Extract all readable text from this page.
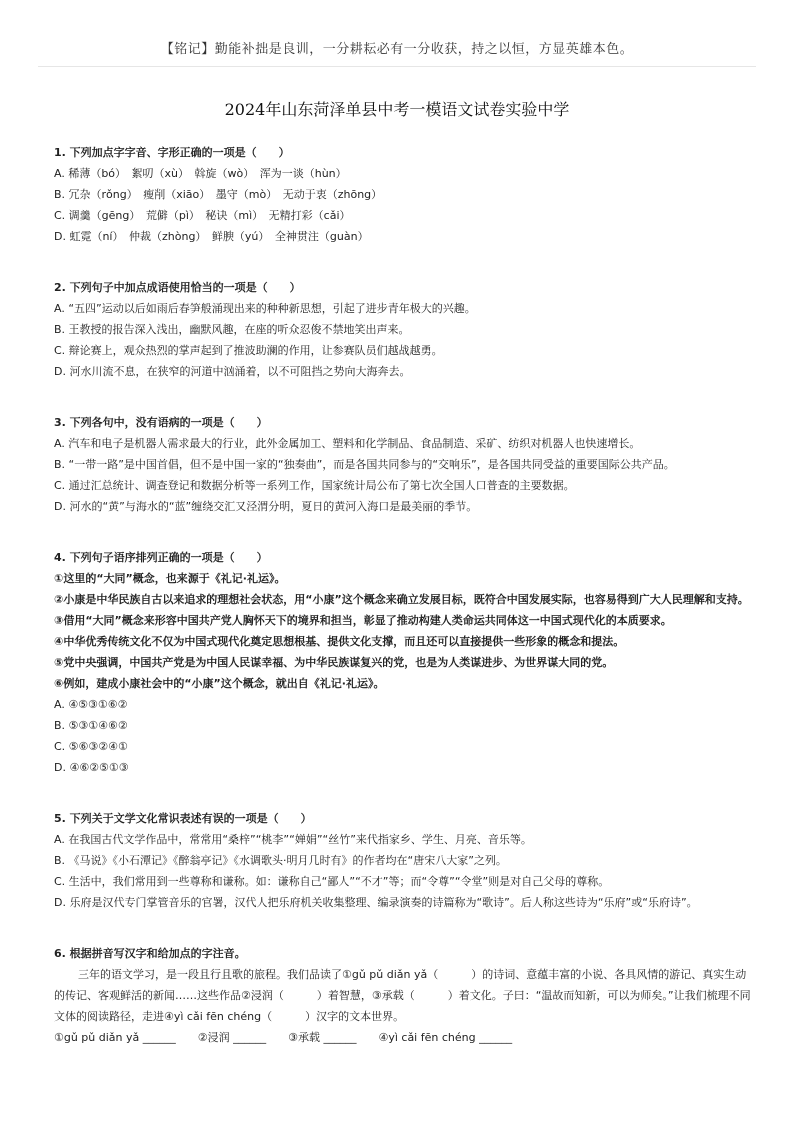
【铭记】勤能补拙是良训，一分耕耘必有一分收获，持之以恒，方显英雄本色。
2024年山东菏泽单县中考一模语文试卷实验中学
1. 下列加点字字音、字形正确的一项是（　　）
A. 稀薄（bó）　絮叨（xù）　斡旋（wò）　浑为一谈（hùn）
B. 冗杂（rǒng）　瘦削（xiāo）　墨守（mò）　无动于衷（zhōng）
C. 调羹（gēng）　荒僻（pì）　秘诀（mì）　无精打彩（cǎi）
D. 虹霓（ní）　仲裁（zhòng）　鲜腴（yú）　全神贯注（guàn）
2. 下列句子中加点成语使用恰当的一项是（　　）
A. “五四”运动以后如雨后春笋般涌现出来的种种新思想，引起了进步青年极大的兴趣。
B. 王教授的报告深入浅出，幽默风趣，在座的听众忍俊不禁地笑出声来。
C. 辩论赛上，观众热烈的掌声起到了推波助澜的作用，让参赛队员们越战越勇。
D. 河水川流不息，在狭窄的河道中汹涌着，以不可阻挡之势向大海奔去。
3. 下列各句中，没有语病的一项是（　　）
A. 汽车和电子是机器人需求最大的行业，此外金属加工、塑料和化学制品、食品制造、采矿、纺织对机器人也快速增长。
B. “一带一路”是中国首倡，但不是中国一家的“独奏曲”，而是各国共同参与的“交响乐”，是各国共同受益的重要国际公共产品。
C. 通过汇总统计、调查登记和数据分析等一系列工作，国家统计局公布了第七次全国人口普查的主要数据。
D. 河水的“黄”与海水的“蓝”缠绕交汇又泾渭分明，夏日的黄河入海口是最美丽的季节。
4. 下列句子语序排列正确的一项是（　　）
①这里的“大同”概念，也来源于《礼记·礼运》。
②小康是中华民族自古以来追求的理想社会状态，用“小康”这个概念来确立发展目标，既符合中国发展实际，也容易得到广大人民理解和支持。
③借用“大同”概念来形容中国共产党人胸怀天下的境界和担当，彰显了推动构建人类命运共同体这一中国式现代化的本质要求。
④中华优秀传统文化不仅为中国式现代化奠定思想根基、提供文化支撑，而且还可以直接提供一些形象的概念和提法。
⑤党中央强调，中国共产党是为中国人民谋幸福、为中华民族谋复兴的党，也是为人类谋进步、为世界谋大同的党。
⑥例如，建成小康社会中的“小康”这个概念，就出自《礼记·礼运》。
A. ④⑤③①⑥②
B. ⑤③①④⑥②
C. ⑤⑥③②④①
D. ④⑥②⑤①③
5. 下列关于文学文化常识表述有误的一项是（　　）
A. 在我国古代文学作品中，常常用“桑梓”“桃李”“婵娟”“丝竹”来代指家乡、学生、月亮、音乐等。
B. 《马说》《小石潭记》《醉翁亭记》《水调歌头·明月几时有》的作者均在“唐宋八大家”之列。
C. 生活中，我们常用到一些尊称和谦称。如：谦称自己“鄙人”“不才”等；而“令尊”“令堂”则是对自己父母的尊称。
D. 乐府是汉代专门掌管音乐的官署，汉代人把乐府机关收集整理、编录演奏的诗篇称为“歌诗”。后人称这些诗为“乐府”或“乐府诗”。
6. 根据拼音写汉字和给加点的字注音。
三年的语文学习，是一段且行且歌的旅程。我们品读了①gǔ pǔ diǎn yǎ（　　　）的诗词、意蕴丰富的小说、各具风情的游记、真实生动的传记、客观鲜活的新闻……这些作品②浸润（　　　）着智慧，③承载（　　　）着文化。子曰：“温故而知新，可以为师矣。”让我们梳理不同文体的阅读路径，走进④yì cǎi fēn chéng（　　　）汉字的文本世界。
①gǔ pǔ diǎn yǎ ______　　②浸润 ______　　③承载 ______　　④yì cǎi fēn chéng ______
